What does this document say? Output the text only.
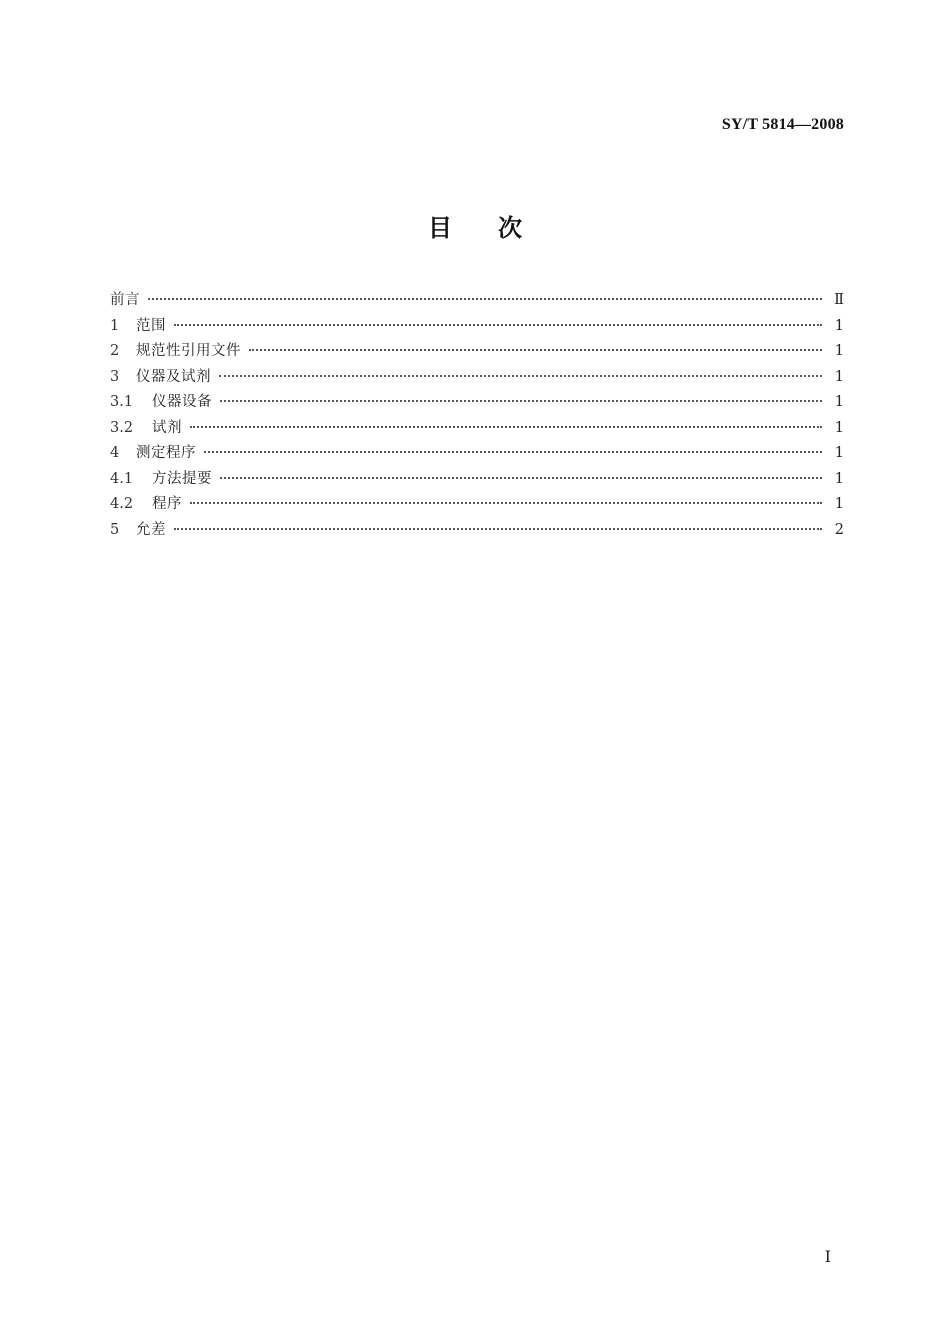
SY/T 5814—2008
目次
前言	Ⅱ
1	范围	1
2	规范性引用文件	1
3	仪器及试剂	1
3.1	仪器设备	1
3.2	试剂	1
4	测定程序	1
4.1	方法提要	1
4.2	程序	1
5	允差	2
Ⅰ
